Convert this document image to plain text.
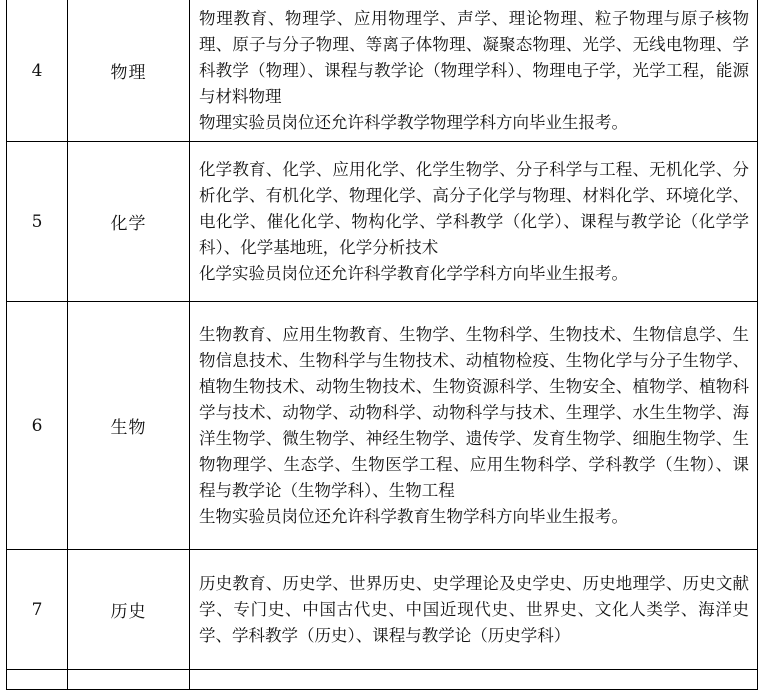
4	物理	物理教育、物理学、应用物理学、声学、理论物理、粒子物理与原子核物理、原子与分子物理、等离子体物理、凝聚态物理、光学、无线电物理、学科教学（物理）、课程与教学论（物理学科）、物理电子学，光学工程，能源与材料物理
物理实验员岗位还允许科学教学物理学科方向毕业生报考。

5	化学	化学教育、化学、应用化学、化学生物学、分子科学与工程、无机化学、分析化学、有机化学、物理化学、高分子化学与物理、材料化学、环境化学、电化学、催化化学、物构化学、学科教学（化学）、课程与教学论（化学学科）、化学基地班，化学分析技术
化学实验员岗位还允许科学教育化学学科方向毕业生报考。

6	生物	生物教育、应用生物教育、生物学、生物科学、生物技术、生物信息学、生物信息技术、生物科学与生物技术、动植物检疫、生物化学与分子生物学、植物生物技术、动物生物技术、生物资源科学、生物安全、植物学、植物科学与技术、动物学、动物科学、动物科学与技术、生理学、水生生物学、海洋生物学、微生物学、神经生物学、遗传学、发育生物学、细胞生物学、生物物理学、生态学、生物医学工程、应用生物科学、学科教学（生物）、课程与教学论（生物学科）、生物工程
生物实验员岗位还允许科学教育生物学科方向毕业生报考。

7	历史	历史教育、历史学、世界历史、史学理论及史学史、历史地理学、历史文献学、专门史、中国古代史、中国近现代史、世界史、文化人类学、海洋史学、学科教学（历史）、课程与教学论（历史学科）
